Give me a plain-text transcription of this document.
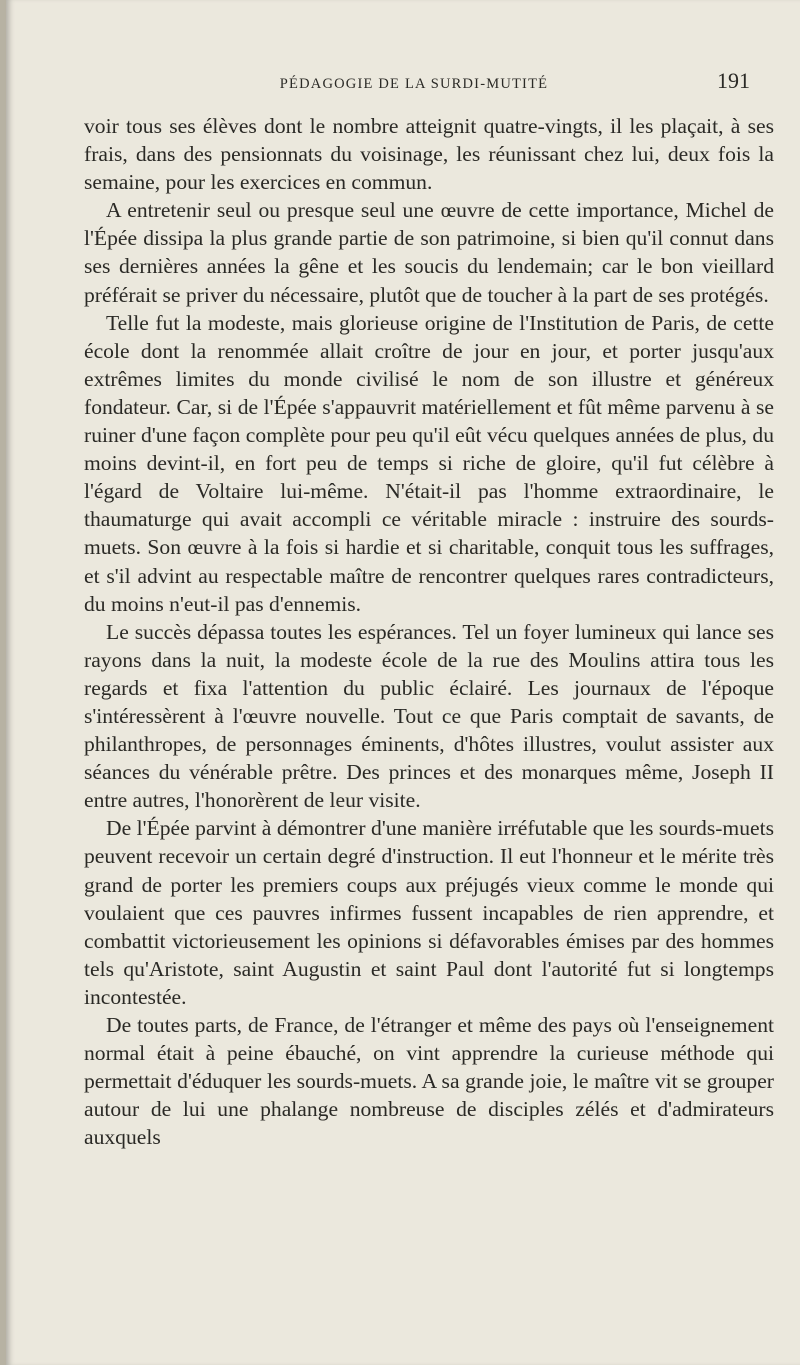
PÉDAGOGIE DE LA SURDI-MUTITÉ	191

voir tous ses élèves dont le nombre atteignit quatre-vingts, il les plaçait, à ses frais, dans des pensionnats du voisinage, les réunissant chez lui, deux fois la semaine, pour les exercices en commun.

A entretenir seul ou presque seul une œuvre de cette importance, Michel de l'Épée dissipa la plus grande partie de son patrimoine, si bien qu'il connut dans ses dernières années la gêne et les soucis du lendemain; car le bon vieillard préférait se priver du nécessaire, plutôt que de toucher à la part de ses protégés.

Telle fut la modeste, mais glorieuse origine de l'Institution de Paris, de cette école dont la renommée allait croître de jour en jour, et porter jusqu'aux extrêmes limites du monde civilisé le nom de son illustre et généreux fondateur. Car, si de l'Épée s'appauvrit matériellement et fût même parvenu à se ruiner d'une façon complète pour peu qu'il eût vécu quelques années de plus, du moins devint-il, en fort peu de temps si riche de gloire, qu'il fut célèbre à l'égard de Voltaire lui-même. N'était-il pas l'homme extraordinaire, le thaumaturge qui avait accompli ce véritable miracle : instruire des sourds-muets. Son œuvre à la fois si hardie et si charitable, conquit tous les suffrages, et s'il advint au respectable maître de rencontrer quelques rares contradicteurs, du moins n'eut-il pas d'ennemis.

Le succès dépassa toutes les espérances. Tel un foyer lumineux qui lance ses rayons dans la nuit, la modeste école de la rue des Moulins attira tous les regards et fixa l'attention du public éclairé. Les journaux de l'époque s'intéressèrent à l'œuvre nouvelle. Tout ce que Paris comptait de savants, de philanthropes, de personnages éminents, d'hôtes illustres, voulut assister aux séances du vénérable prêtre. Des princes et des monarques même, Joseph II entre autres, l'honorèrent de leur visite.

De l'Épée parvint à démontrer d'une manière irréfutable que les sourds-muets peuvent recevoir un certain degré d'instruction. Il eut l'honneur et le mérite très grand de porter les premiers coups aux préjugés vieux comme le monde qui voulaient que ces pauvres infirmes fussent incapables de rien apprendre, et combattit victorieusement les opinions si défavorables émises par des hommes tels qu'Aristote, saint Augustin et saint Paul dont l'autorité fut si longtemps incontestée.

De toutes parts, de France, de l'étranger et même des pays où l'enseignement normal était à peine ébauché, on vint apprendre la curieuse méthode qui permettait d'éduquer les sourds-muets. A sa grande joie, le maître vit se grouper autour de lui une phalange nombreuse de disciples zélés et d'admirateurs auxquels
